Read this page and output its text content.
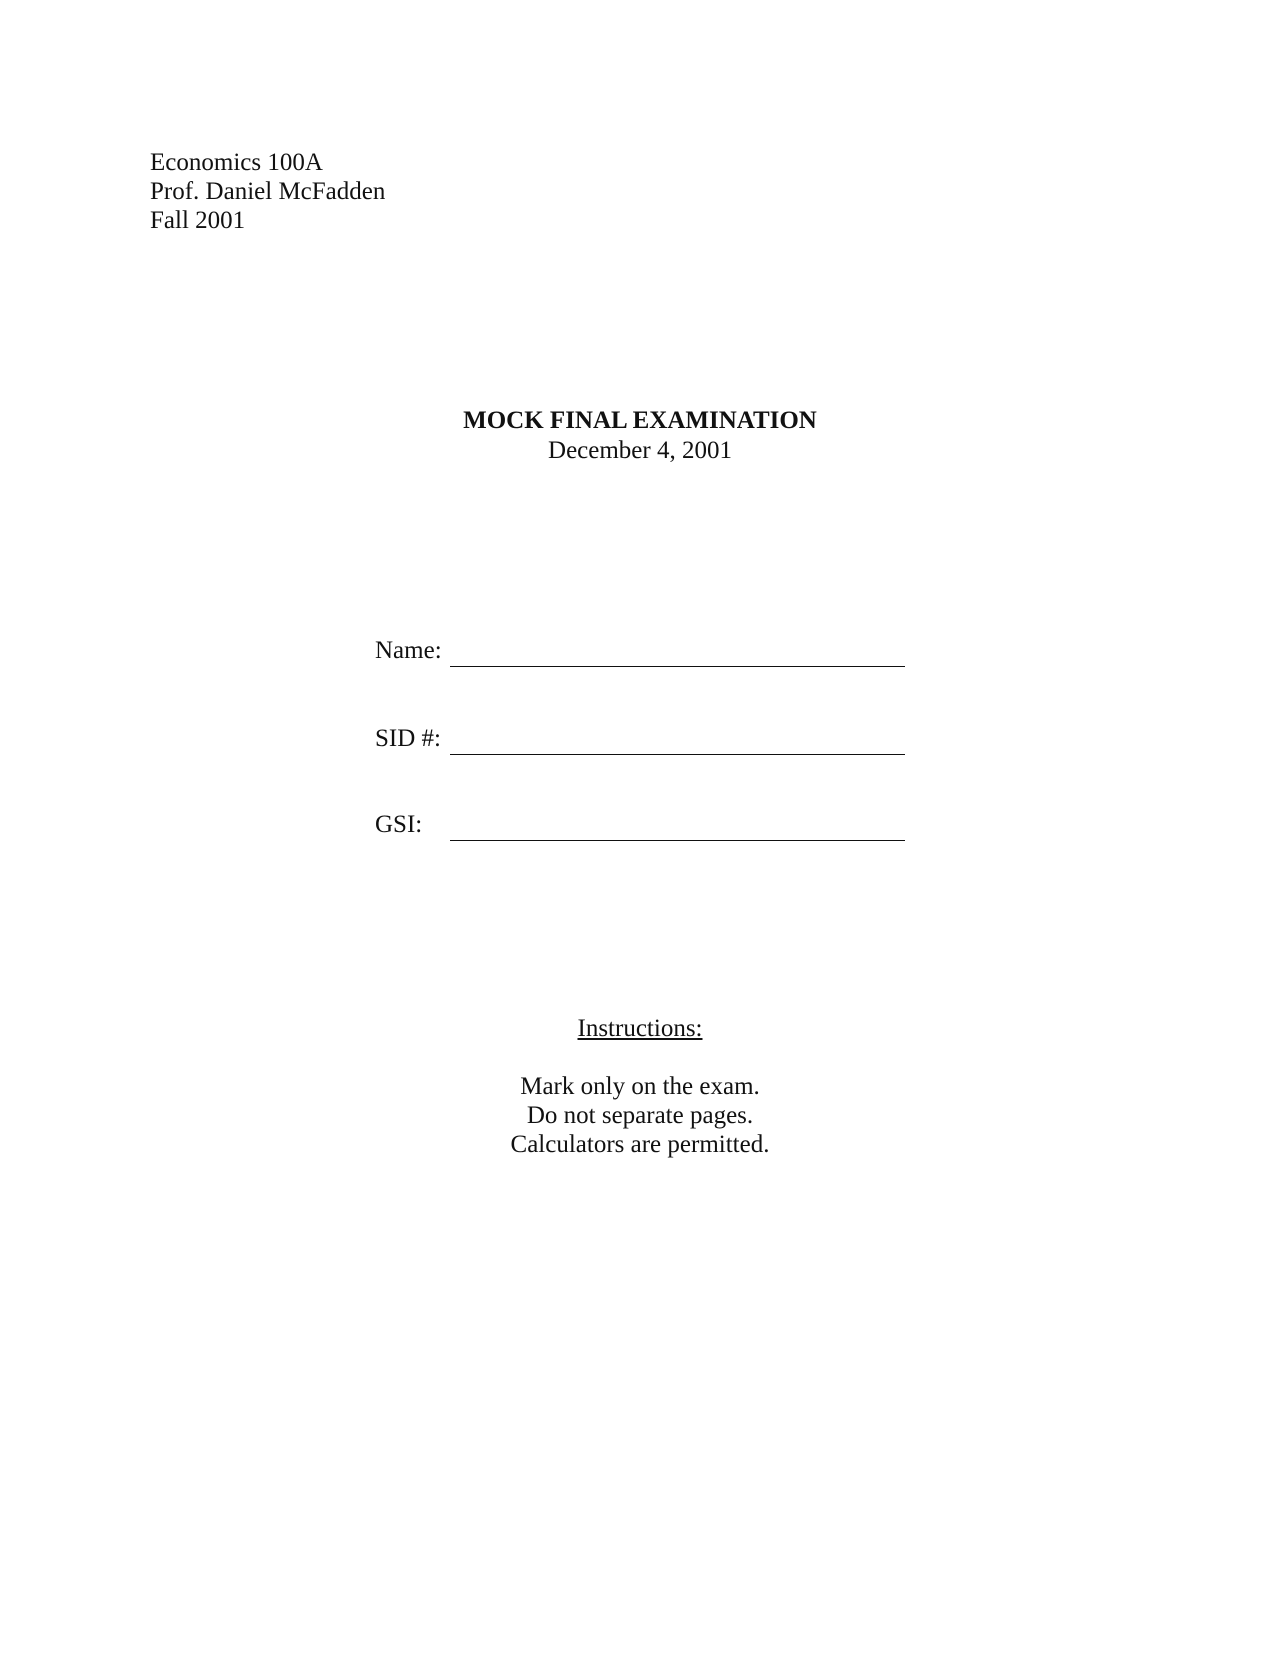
Economics 100A
Prof. Daniel McFadden
Fall 2001
MOCK FINAL EXAMINATION
December 4, 2001
Name:
SID #:
GSI:
Instructions:
Mark only on the exam.
Do not separate pages.
Calculators are permitted.
